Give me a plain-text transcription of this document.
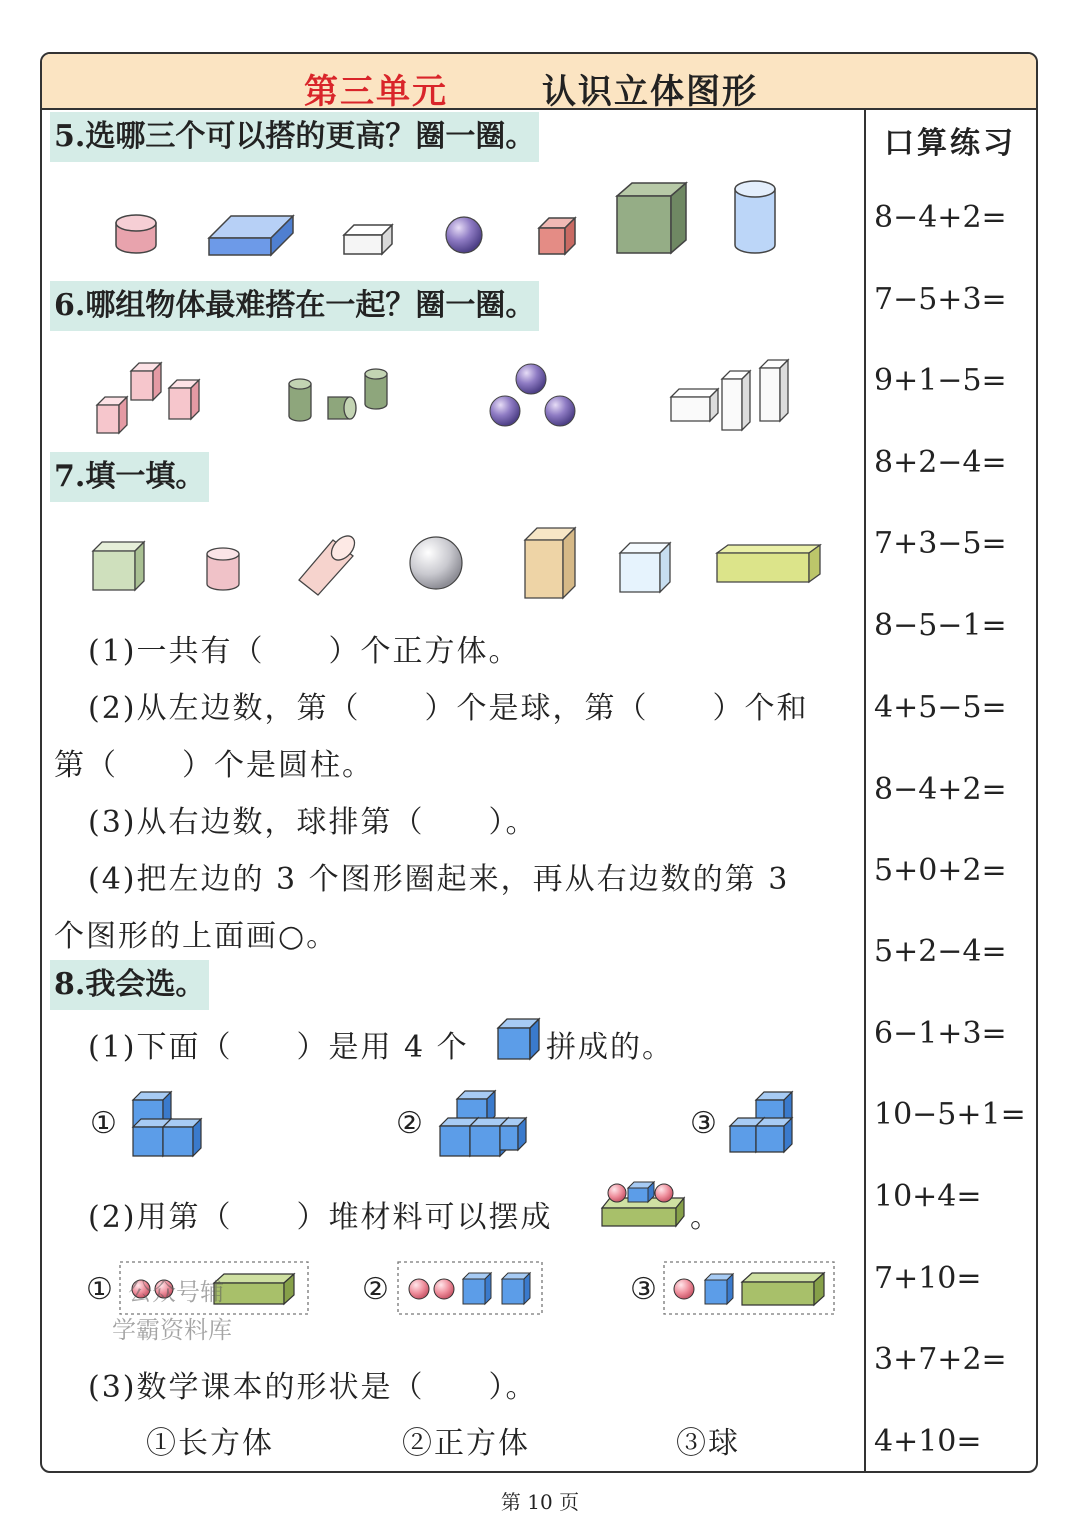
第三单元	认识立体图形
口算练习
8−4+2=
7−5+3=
9+1−5=
8+2−4=
7+3−5=
8−5−1=
4+5−5=
8−4+2=
5+0+2=
5+2−4=
6−1+3=
10−5+1=
10+4=
7+10=
3+7+2=
4+10=
5.选哪三个可以搭的更高？圈一圈。
6.哪组物体最难搭在一起？圈一圈。
7.填一填。
8.我会选。
(1)一共有（　　）个正方体。
(2)从左边数，第（　　）个是球，第（　　）个和
第（　　）个是圆柱。
(3)从右边数，球排第（　　）。
(4)把左边的 3 个图形圈起来，再从右边数的第 3
个图形的上面画○。
(1)下面（　　）是用 4 个	拼成的。
(2)用第（　　）堆材料可以摆成	。
(3)数学课本的形状是（　　）。
①长方体	②正方体	③球
①	②	③
①	②	③
公众号辅
学霸资料库
第 10 页
